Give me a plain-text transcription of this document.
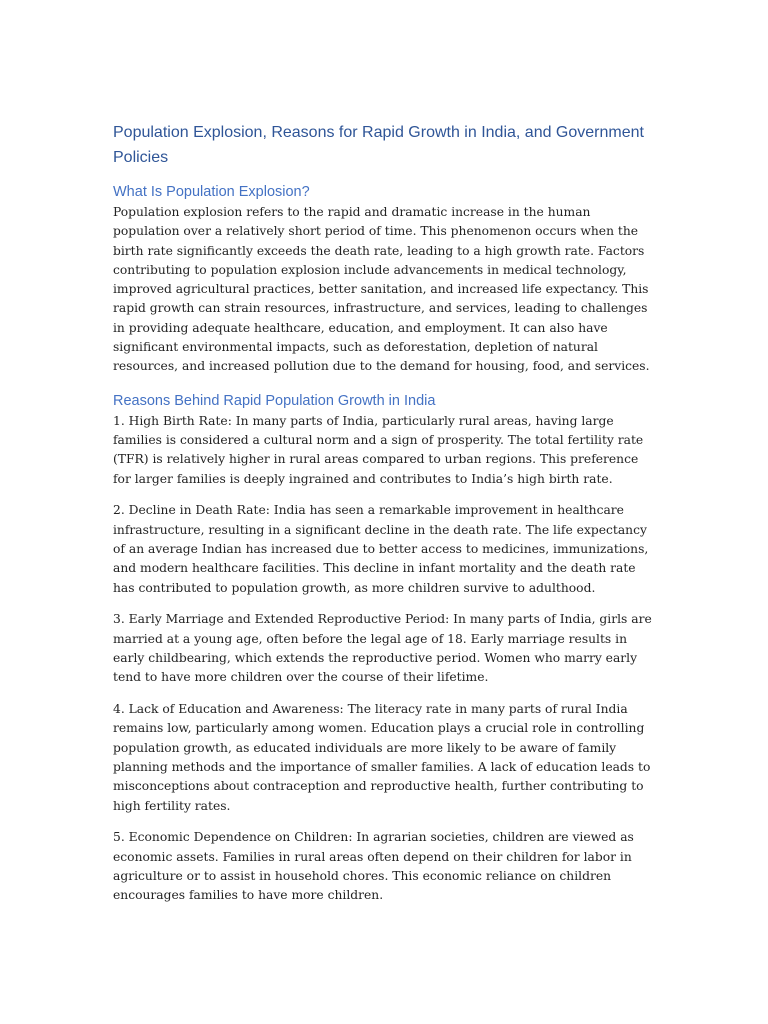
Population Explosion, Reasons for Rapid Growth in India, and Government Policies
What Is Population Explosion?

Population explosion refers to the rapid and dramatic increase in the human population over a relatively short period of time. This phenomenon occurs when the birth rate significantly exceeds the death rate, leading to a high growth rate. Factors contributing to population explosion include advancements in medical technology, improved agricultural practices, better sanitation, and increased life expectancy. This rapid growth can strain resources, infrastructure, and services, leading to challenges in providing adequate healthcare, education, and employment. It can also have significant environmental impacts, such as deforestation, depletion of natural resources, and increased pollution due to the demand for housing, food, and services.

Reasons Behind Rapid Population Growth in India

1. High Birth Rate: In many parts of India, particularly rural areas, having large families is considered a cultural norm and a sign of prosperity. The total fertility rate (TFR) is relatively higher in rural areas compared to urban regions. This preference for larger families is deeply ingrained and contributes to India’s high birth rate.

2. Decline in Death Rate: India has seen a remarkable improvement in healthcare infrastructure, resulting in a significant decline in the death rate. The life expectancy of an average Indian has increased due to better access to medicines, immunizations, and modern healthcare facilities. This decline in infant mortality and the death rate has contributed to population growth, as more children survive to adulthood.

3. Early Marriage and Extended Reproductive Period: In many parts of India, girls are married at a young age, often before the legal age of 18. Early marriage results in early childbearing, which extends the reproductive period. Women who marry early tend to have more children over the course of their lifetime.

4. Lack of Education and Awareness: The literacy rate in many parts of rural India remains low, particularly among women. Education plays a crucial role in controlling population growth, as educated individuals are more likely to be aware of family planning methods and the importance of smaller families. A lack of education leads to misconceptions about contraception and reproductive health, further contributing to high fertility rates.

5. Economic Dependence on Children: In agrarian societies, children are viewed as economic assets. Families in rural areas often depend on their children for labor in agriculture or to assist in household chores. This economic reliance on children encourages families to have more children.
